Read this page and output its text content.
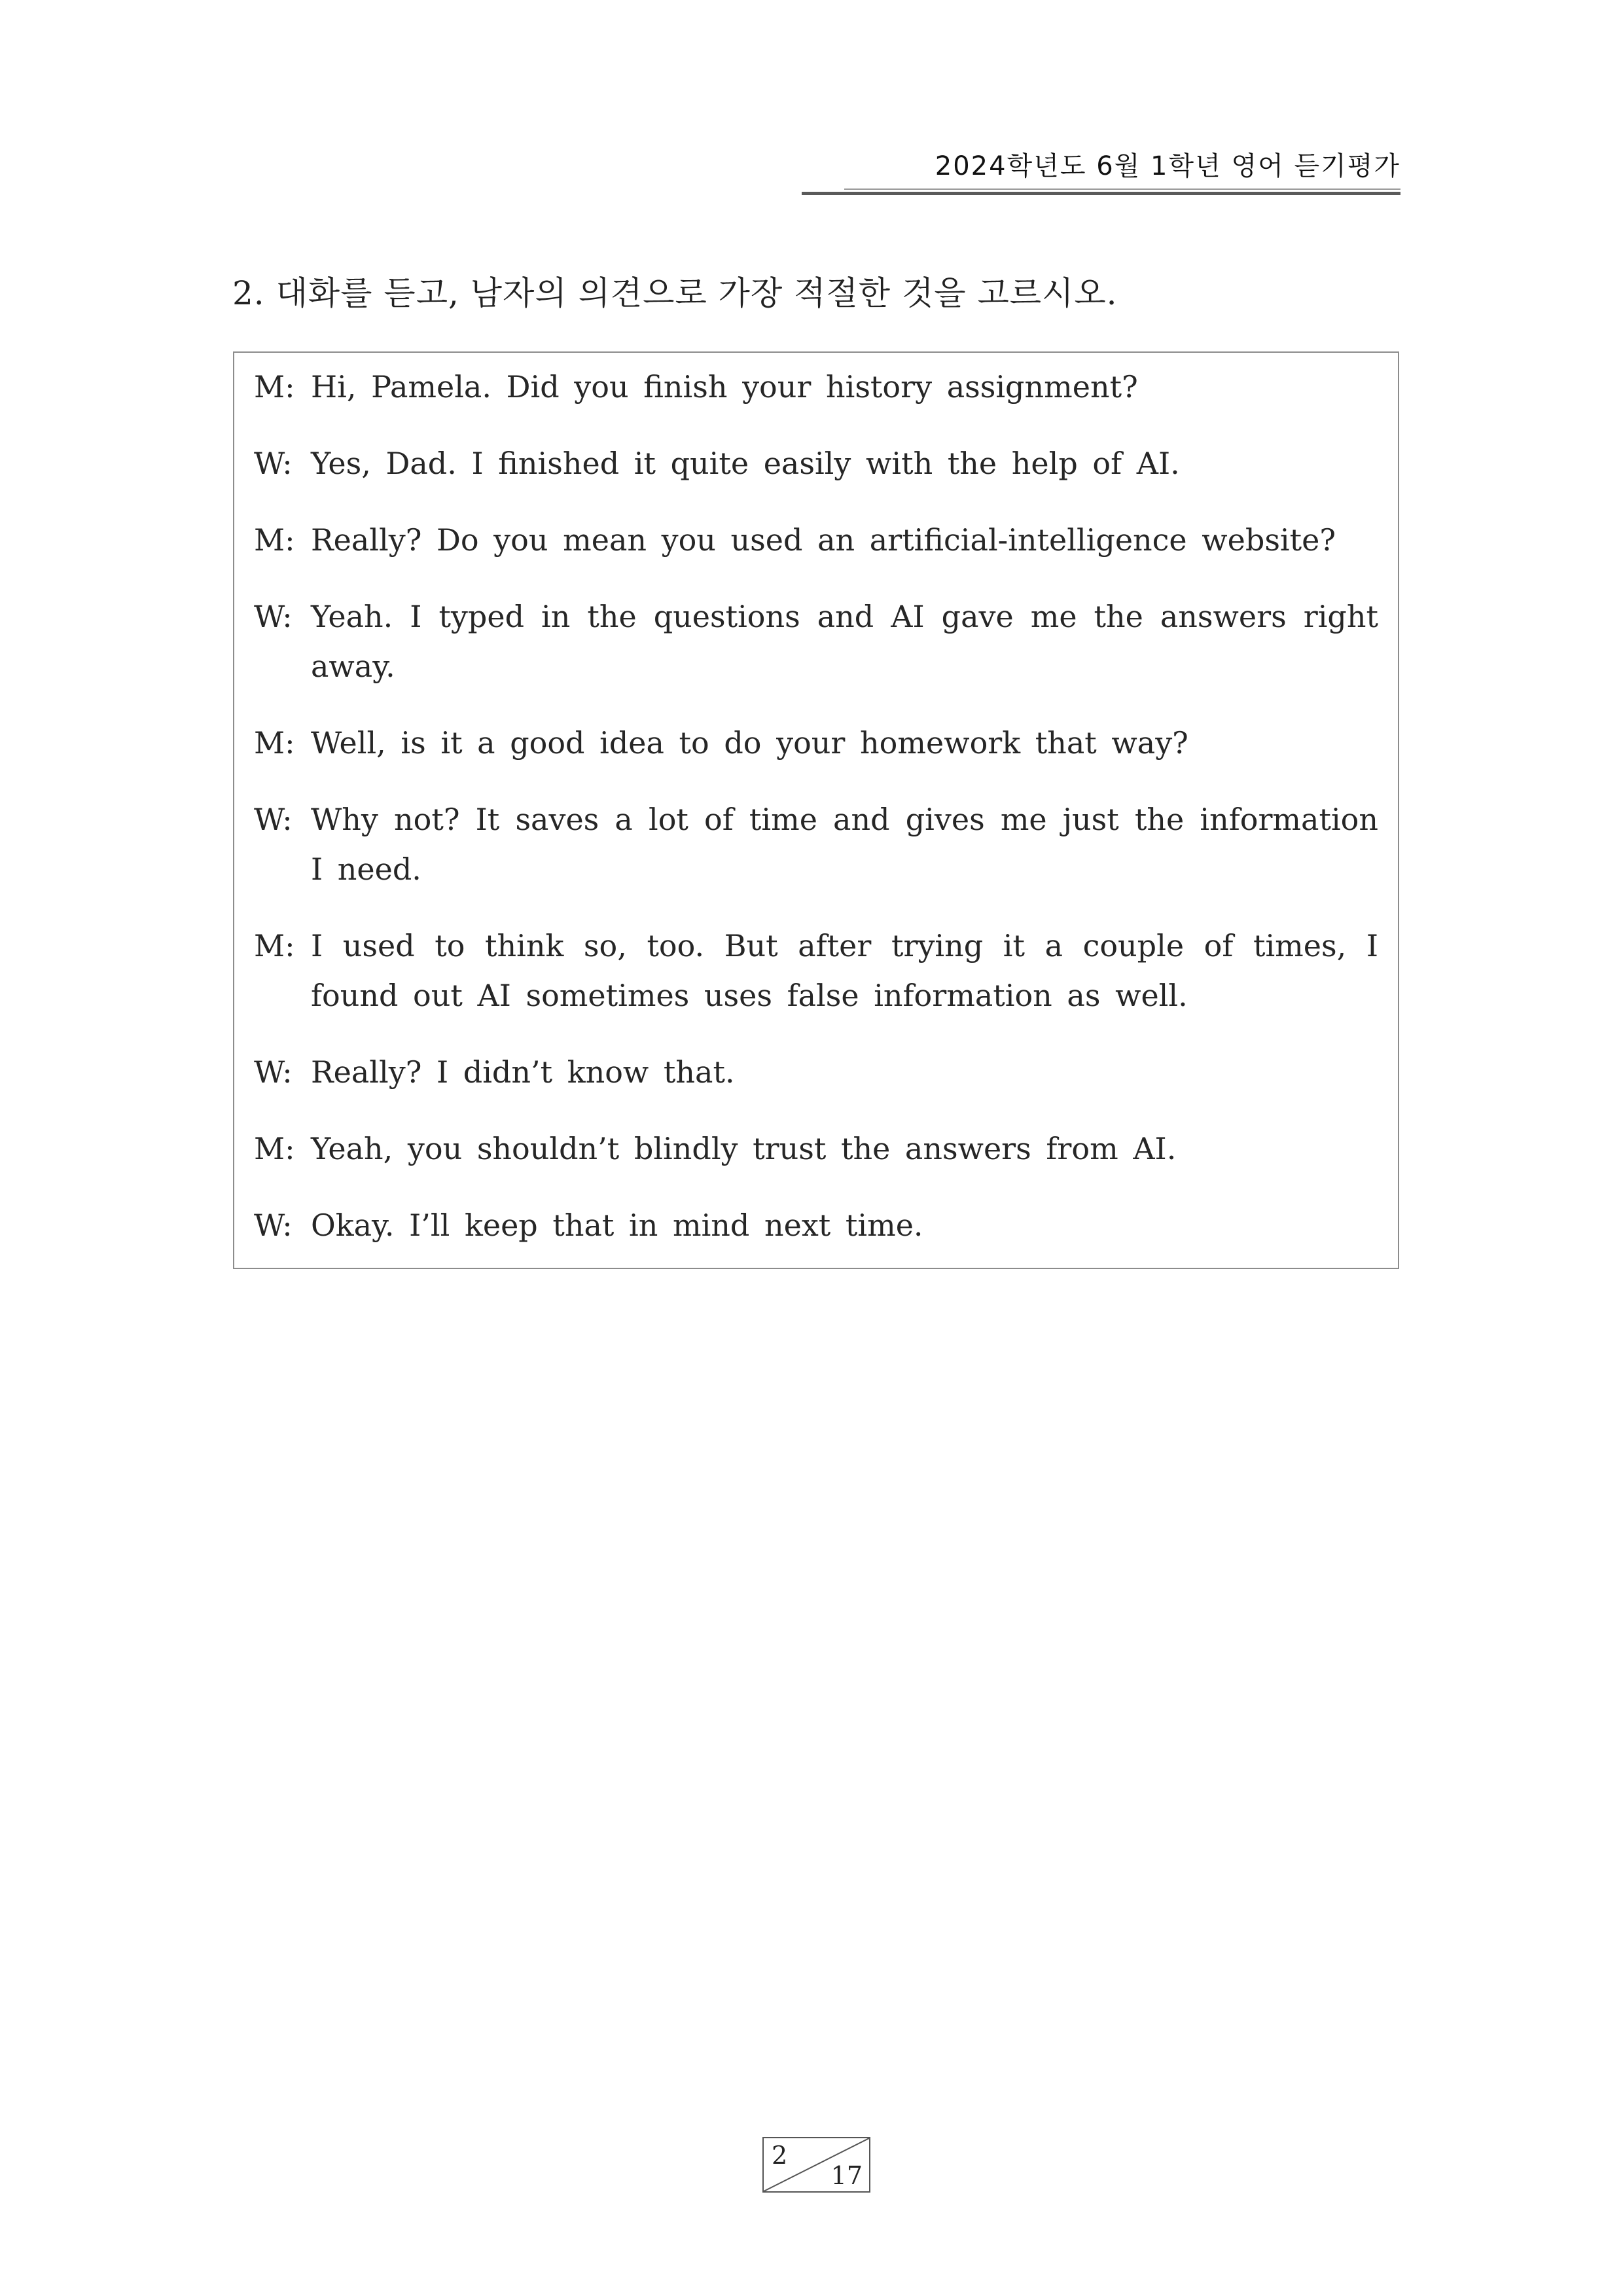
2024학년도 6월 1학년 영어 듣기평가
2. 대화를 듣고, 남자의 의견으로 가장 적절한 것을 고르시오.
M: Hi, Pamela. Did you finish your history assignment?
W: Yes, Dad. I finished it quite easily with the help of AI.
M: Really? Do you mean you used an artificial-intelligence website?
W: Yeah. I typed in the questions and AI gave me the answers right away.
M: Well, is it a good idea to do your homework that way?
W: Why not? It saves a lot of time and gives me just the information I need.
M: I used to think so, too. But after trying it a couple of times, I found out AI sometimes uses false information as well.
W: Really? I didn’t know that.
M: Yeah, you shouldn’t blindly trust the answers from AI.
W: Okay. I’ll keep that in mind next time.
2
17
